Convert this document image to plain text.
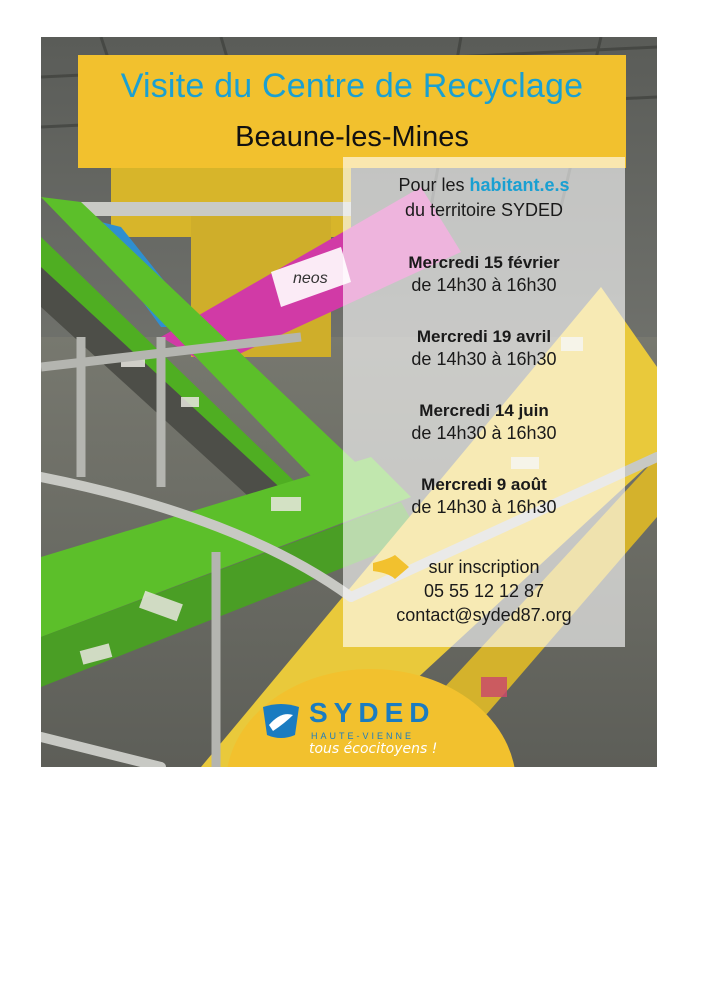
neos
Visite du Centre de Recyclage
Beaune-les-Mines
Pour les habitant.e.s
du territoire SYDED
Mercredi 15 février
de 14h30 à 16h30
Mercredi 19 avril
de 14h30 à 16h30
Mercredi 14 juin
de 14h30 à 16h30
Mercredi 9 août
de 14h30 à 16h30
sur inscription
05 55 12 12 87
contact@syded87.org
SYDED
HAUTE-VIENNE
tous écocitoyens !
